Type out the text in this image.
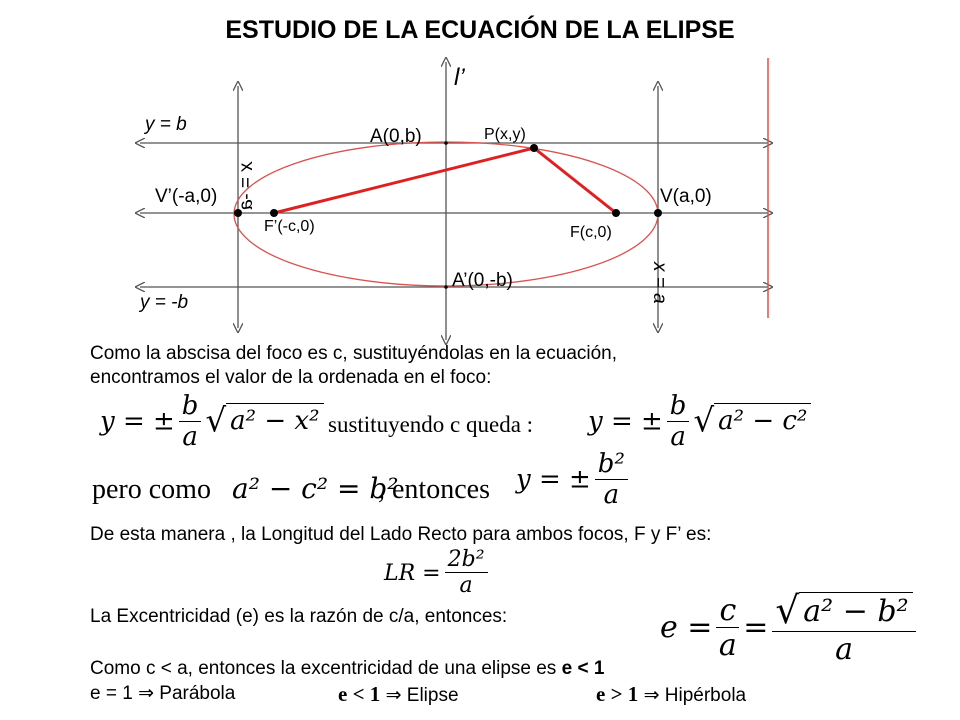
ESTUDIO DE LA ECUACIÓN DE LA ELIPSE
l’
y = b
y = -b
x = -a
x = a
A(0,b)
A’(0,-b)
P(x,y)
V(a,0)
V’(-a,0)
F(c,0)
F’(-c,0)
Como la abscisa del foco es c, sustituyéndolas en la ecuación,
encontramos el valor de la ordenada en el foco:
y = ± $\frac{b}{a}$ √ a² − x² sustituyendo c queda : y = ± $\frac{b}{a}$ √ a² − c²
pero como a² − c² = b²
, entonces y = ± $\frac{\text{b²}}{a}$
De esta manera , la Longitud del Lado Recto para ambos focos, F y F’ es:
LR = $\frac{\text{2b²}}{a}$
La Excentricidad (e) es la razón de c/a, entonces:	$e = \frac{c}{a} = \frac{\text{√ a² − b²}}{a}$
Como c < a, entonces la excentricidad de una elipse es e < 1
e = 1 ⇒ Parábola	e < 1 ⇒ Elipse	e > 1 ⇒ Hipérbola
